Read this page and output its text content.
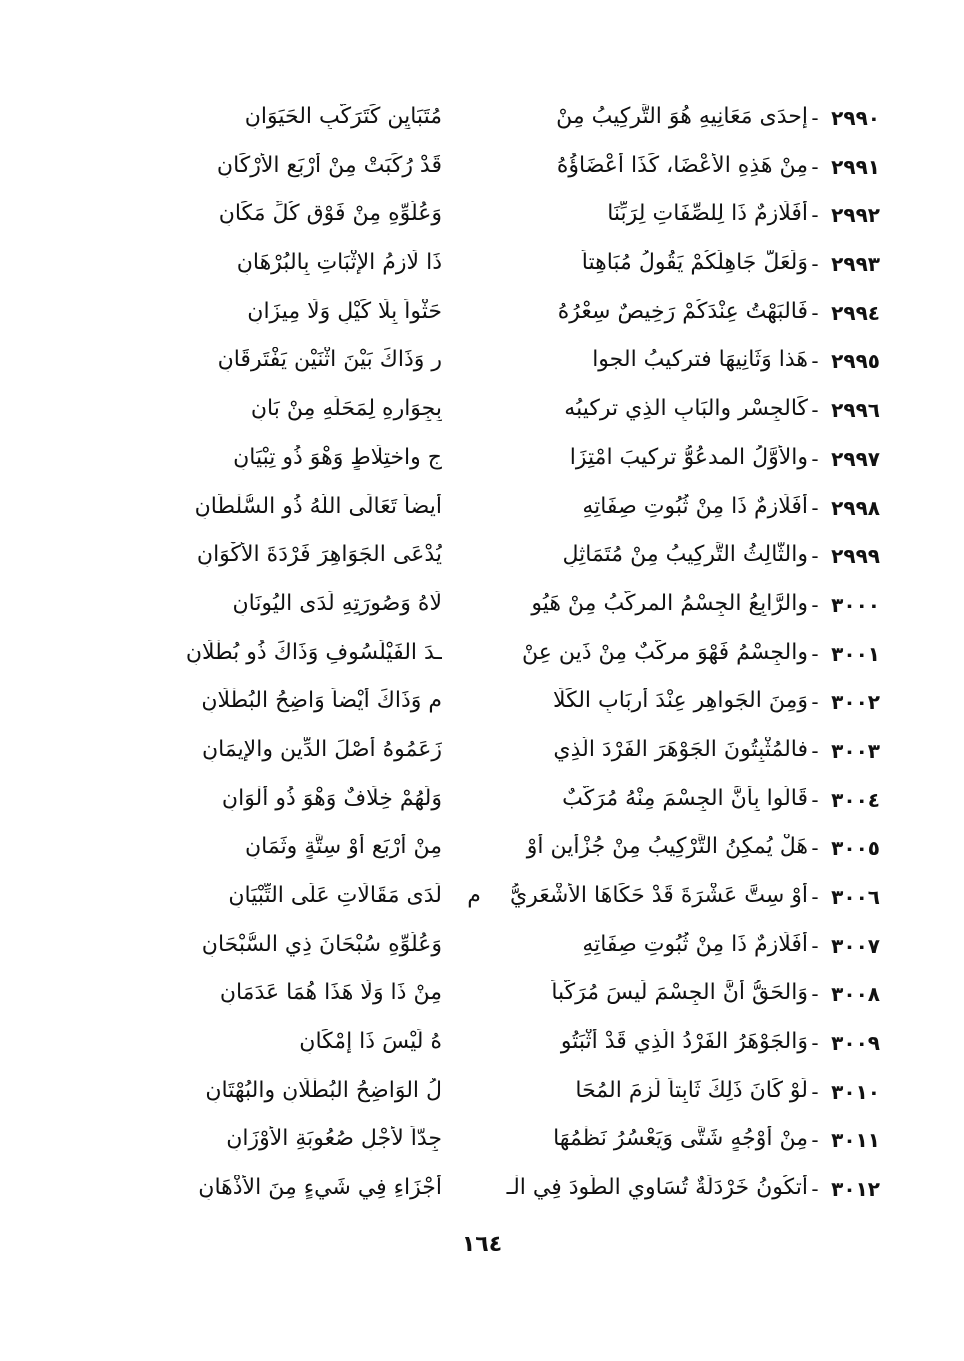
٢٩٩٠
-
إحدَى مَعَانِيهِ هُوَ التَّركِيبُ مِنْ
مُتَبَايِنٍ كَتَرَكُّبِ الحَيَوَانِ
٢٩٩١
-
مِنْ هَذِهِ الأَعْضَا، كَذَا أَعْضَاؤُهُ
قَدْ رُكِّبَتْ مِنْ أَرْبَعِ الأَرْكَانِ
٢٩٩٢
-
أَفَلَازِمٌ ذَا لِلصِّفَاتِ لِرَبِّنَا
وَعُلُوِّهِ مِنْ فَوْقِ كُلِّ مَكَانِ
٢٩٩٣
-
وَلَعَلَّ جَاهِلَكُمْ يَقُولُ مُبَاهِتاً
ذَا لَازِمُ الإِثْبَاتِ بِالبُرْهَانِ
٢٩٩٤
-
فَالبَهْتُ عِنْدَكُمْ رَخِيصٌ سِعْرُهُ
حَثْواً بِلَا كَيْلٍ وَلَا مِيزَانِ
٢٩٩٥
-
هَذا وَثَانِيهَا فتركيبُ الجوا
رِ وَذَاكَ بَيْنَ اثْنَيْنِ يَفْتَرِقَانِ
٢٩٩٦
-
كَالجِسْرِ والبَابِ الذِي تركيبُه
بِجِوَارِهِ لِمَحَلِّهِ مِنْ بَانِ
٢٩٩٧
-
والأَوَّلُ المدعُوُّ تركيبَ امْتِزَا
جٍ واختِلَاطٍ وَهْوَ ذُو تِبْيَانِ
٢٩٩٨
-
أَفَلَازِمٌ ذَا مِنْ ثُبُوتِ صِفَاتِهِ
أَيضاً تَعَالَى اللَّهُ ذُو السُّلْطَانِ
٢٩٩٩
-
والثَّالِثُ التَّركِيبُ مِنْ مُتَمَاثِلٍ
يُدْعَى الجَوَاهِرَ فَرْدَةَ الأَكْوَانِ
٣٠٠٠
-
والرَّابِعُ الجِسْمُ المركَّبُ مِنْ هَيُو
لَاهُ وَصُورَتِهِ لَدَى اليُونَانِ
٣٠٠١
-
والجِسْمُ فَهْوَ مركَّبٌ مِنْ ذَينِ عِنْ
ـدَ الفَيْلَسُوفِ وَذَاكَ ذُو بُطْلَانِ
٣٠٠٢
-
وَمِنَ الجَواهِرِ عِنْدَ أَربَابِ الكَلَا
مِ وَذَاكَ أَيْضاً وَاضِحُ البُطْلَانِ
٣٠٠٣
-
فالمُثْبِتُونَ الجَوْهَرَ الفَرْدَ الَّذِي
زَعَمُوهُ أَصْلَ الدِّينِ والإِيمَانِ
٣٠٠٤
-
قَالُوا بِأَنَّ الجِسْمَ مِنْهُ مُرَكَّبٌ
وَلَهُمْ خِلَافٌ وَهْوَ ذُو أَلْوَانِ
٣٠٠٥
-
هَلْ يُمكِنُ التَّرْكِيبُ مِنْ جُزْأَينِ أَوْ
مِنْ أَرْبَعٍ أَوْ سِتَّةٍ وثَمَانِ
٣٠٠٦
-
أَوْ سِتَّ عَشْرَةَ قَدْ حَكَاهَا الأَشْعَرِيُّ
م
لَدَى مَقَالَاتِ عَلَى التِّبْيَانِ
٣٠٠٧
-
أَفَلَازِمٌ ذَا مِنْ ثُبُوتِ صِفَاتِهِ
وَعُلُوِّهِ سُبْحَانَ ذِي السُّبْحَانِ
٣٠٠٨
-
وَالحَقُّ أَنَّ الجِسْمَ لَيسَ مُرَكَّباً
مِنْ ذَا وَلَا هَذَا هُمَا عَدَمَانِ
٣٠٠٩
-
وَالجَوْهَرُ الفَرْدُ الَّذِي قَدْ أَثْبَتُو
هُ لَيْسَ ذَا إِمْكَانِ
٣٠١٠
-
لَوْ كَانَ ذَلِكَ ثَابِتاً لَزِمَ المُحَا
لُ الوَاضِحُ البُطْلَانِ والبُهْتَانِ
٣٠١١
-
مِنْ أَوْجُهٍ شَتَّى وَيَعْسُرُ نَظْمُهَا
جِدّاً لأَجْلِ صُعُوبَةِ الأَوْزَانِ
٣٠١٢
-
أَتكُونُ خَرْدَلَةٌ تُسَاوِي الطَّودَ فِي الْـ
أَجْزَاءِ فِي شَيءٍ مِنَ الأَذْهَانِ
١٦٤
